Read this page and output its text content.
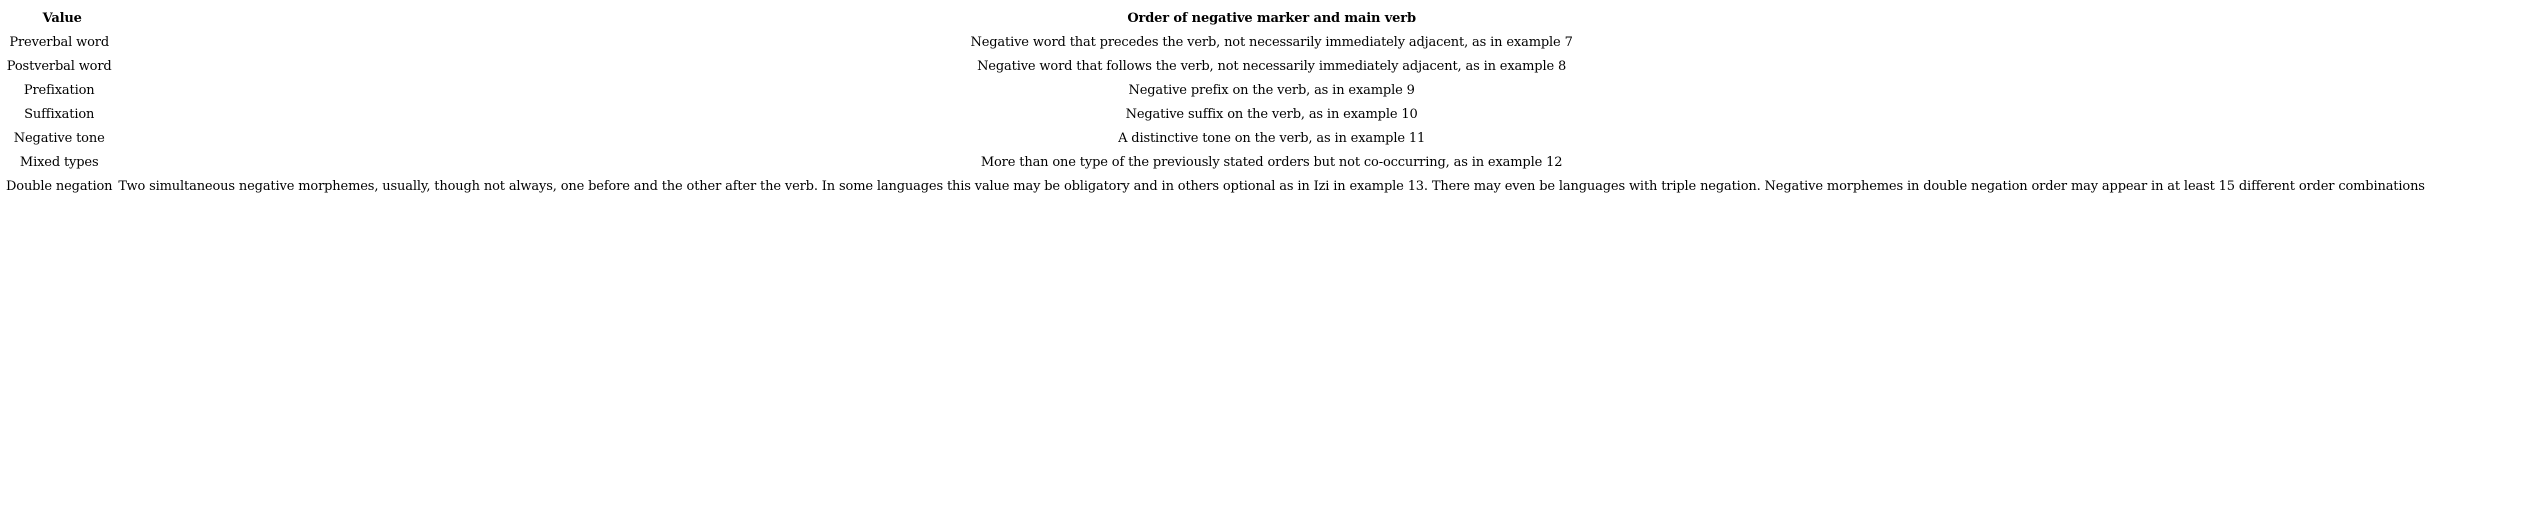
Value	Order of negative marker and main verb
Preverbal word	Negative word that precedes the verb, not necessarily immediately adjacent, as in example 7
Postverbal word	Negative word that follows the verb, not necessarily immediately adjacent, as in example 8
Prefixation	Negative prefix on the verb, as in example 9
Suffixation	Negative suffix on the verb, as in example 10
Negative tone	A distinctive tone on the verb, as in example 11
Mixed types	More than one type of the previously stated orders but not co-occurring, as in example 12
Double negation	Two simultaneous negative morphemes, usually, though not always, one before and the other after the verb. In some languages this value may be obligatory and in others optional as in Izi in example 13. There may even be languages with triple negation. Negative morphemes in double negation order may appear in at least 15 different order combinations
